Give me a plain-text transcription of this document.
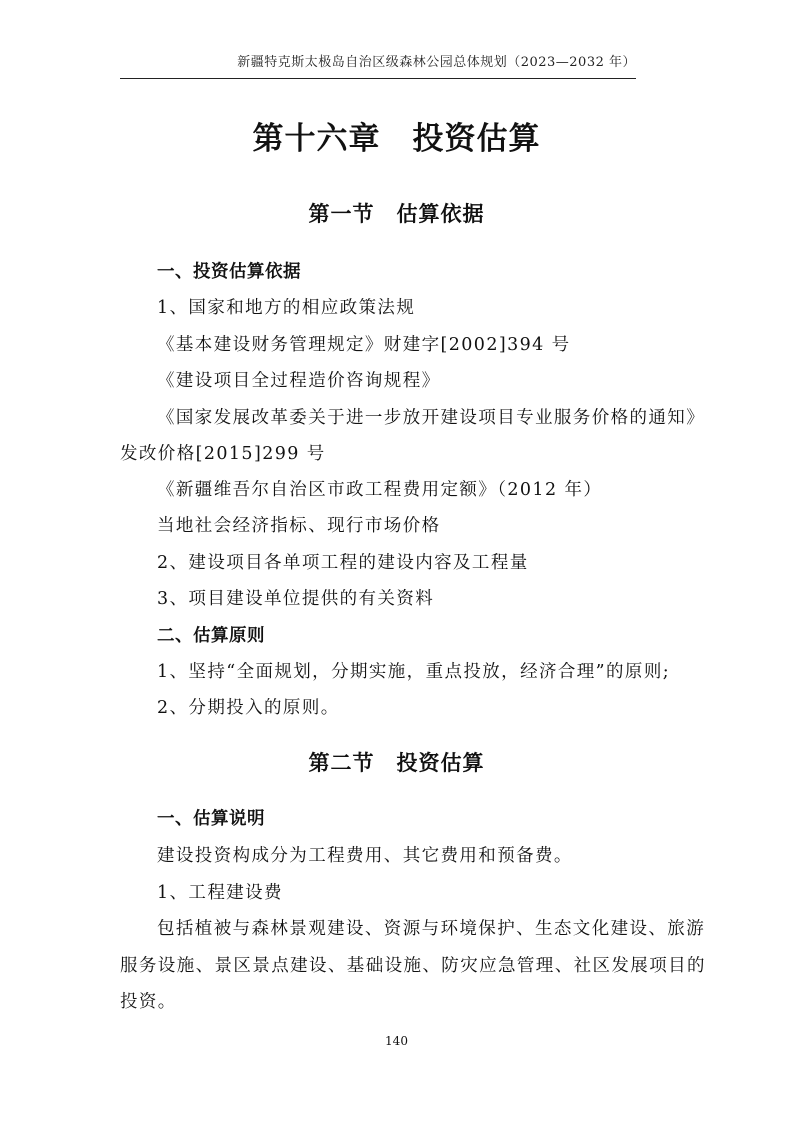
新疆特克斯太极岛自治区级森林公园总体规划（2023—2032 年）
第十六章　投资估算
第一节　估算依据
一、投资估算依据
1、国家和地方的相应政策法规
《基本建设财务管理规定》财建字[2002]394 号
《建设项目全过程造价咨询规程》
《国家发展改革委关于进一步放开建设项目专业服务价格的通知》
发改价格[2015]299 号
《新疆维吾尔自治区市政工程费用定额》（2012 年）
当地社会经济指标、现行市场价格
2、建设项目各单项工程的建设内容及工程量
3、项目建设单位提供的有关资料
二、估算原则
1、坚持“全面规划，分期实施，重点投放，经济合理”的原则;
2、分期投入的原则。
第二节　投资估算
一、估算说明
建设投资构成分为工程费用、其它费用和预备费。
1、工程建设费
包括植被与森林景观建设、资源与环境保护、生态文化建设、旅游
服务设施、景区景点建设、基础设施、防灾应急管理、社区发展项目的
投资。
140
